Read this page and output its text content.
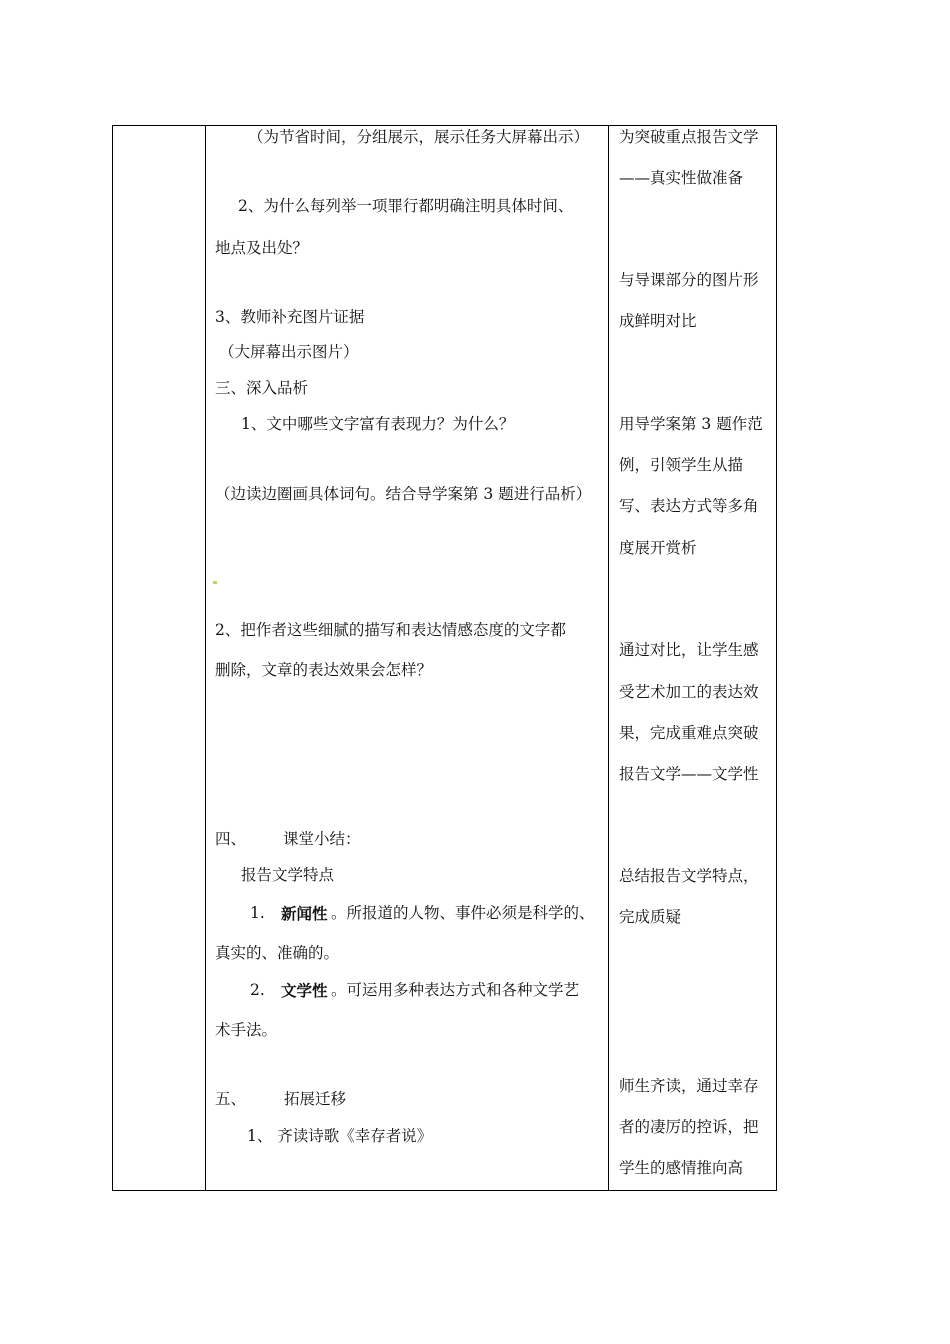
（为节省时间，分组展示，展示任务大屏幕出示）
2、为什么每列举一项罪行都明确注明具体时间、
地点及出处？
3、教师补充图片证据
（大屏幕出示图片）
三、深入品析
1、文中哪些文字富有表现力？为什么？
（边读边圈画具体词句。结合导学案第 3 题进行品析）
2、把作者这些细腻的描写和表达情感态度的文字都
删除，文章的表达效果会怎样？
四、 课堂小结：
报告文学特点
1. 新闻性 。所报道的人物、事件必须是科学的、
真实的、准确的。
2. 文学性 。可运用多种表达方式和各种文学艺
术手法。
五、 拓展迁移
1、 齐读诗歌《幸存者说》
为突破重点报告文学
——真实性做准备
与导课部分的图片形
成鲜明对比
用导学案第 3 题作范
例，引领学生从描
写、表达方式等多角
度展开赏析
通过对比，让学生感
受艺术加工的表达效
果，完成重难点突破
报告文学——文学性
总结报告文学特点，
完成质疑
师生齐读，通过幸存
者的凄厉的控诉，把
学生的感情推向高
